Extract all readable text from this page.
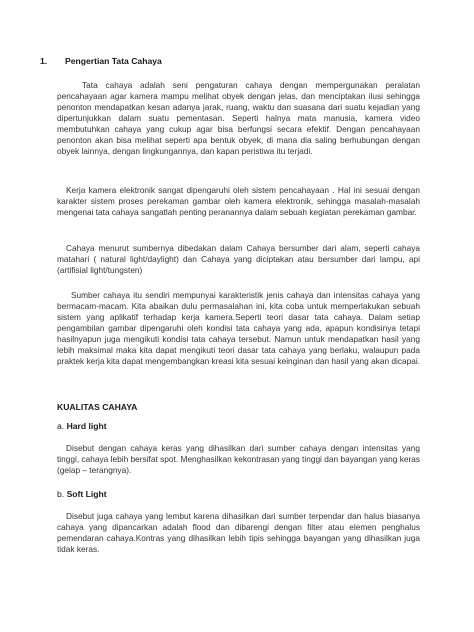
1. Pengertian Tata Cahaya

Tata cahaya adalah seni pengaturan cahaya dengan mempergunakan peralatan pencahayaan agar kamera mampu melihat obyek dengan jelas, dan menciptakan ilusi sehingga penonton mendapatkan kesan adanya jarak, ruang, waktu dan suasana dari suatu kejadian yang dipertunjukkan dalam suatu pementasan. Seperti halnya mata manusia, kamera video membutuhkan cahaya yang cukup agar bisa berfungsi secara efektif. Dengan pencahayaan penonton akan bisa melihat seperti apa bentuk obyek, di mana dia saling berhubungan dengan obyek lainnya, dengan lingkungannya, dan kapan peristiwa itu terjadi.

Kerja kamera elektronik sangat dipengaruhi oleh sistem pencahayaan . Hal ini sesuai dengan karakter sistem proses perekaman gambar oleh kamera elektronik, sehingga masalah-masalah mengenai tata cahaya sangatlah penting peranannya dalam sebuah kegiatan perekaman gambar.

Cahaya menurut sumbernya dibedakan dalam Cahaya bersumber dari alam, seperti cahaya matahari ( natural light/daylight) dan Cahaya yang diciptakan atau bersumber dari lampu, api (artifisial light/tungsten)

Sumber cahaya itu sendiri mempunyai karakteristik jenis cahaya dan intensitas cahaya yang bermacam-macam. Kita abaikan dulu permasalahan ini, kita coba untuk memperlakukan sebuah sistem yang aplikatif terhadap kerja kamera.Seperti teori dasar tata cahaya. Dalam setiap pengambilan gambar dipengaruhi oleh kondisi tata cahaya yang ada, apapun kondisinya tetapi hasilnyapun juga mengikuti kondisi tata cahaya tersebut. Namun untuk mendapatkan hasil yang lebih maksimal maka kita dapat mengikuti teori dasar tata cahaya yang berlaku, walaupun pada praktek kerja kita dapat mengembangkan kreasi kita sesuai keinginan dan hasil yang akan dicapai.

KUALITAS CAHAYA
a. Hard light

Disebut dengan cahaya keras yang dihasilkan dari sumber cahaya dengan intensitas yang tinggi, cahaya lebih bersifat spot. Menghasilkan kekontrasan yang tinggi dan bayangan yang keras (gelap – terangnya).

b. Soft Light

Disebut juga cahaya yang lembut karena dihasilkan dari sumber terpendar dan halus biasanya cahaya yang dipancarkan adalah flood dan dibarengi dengan filter atau elemen penghalus pemendaran cahaya.Kontras yang dihasilkan lebih tipis sehingga bayangan yang dihasilkan juga tidak keras.
